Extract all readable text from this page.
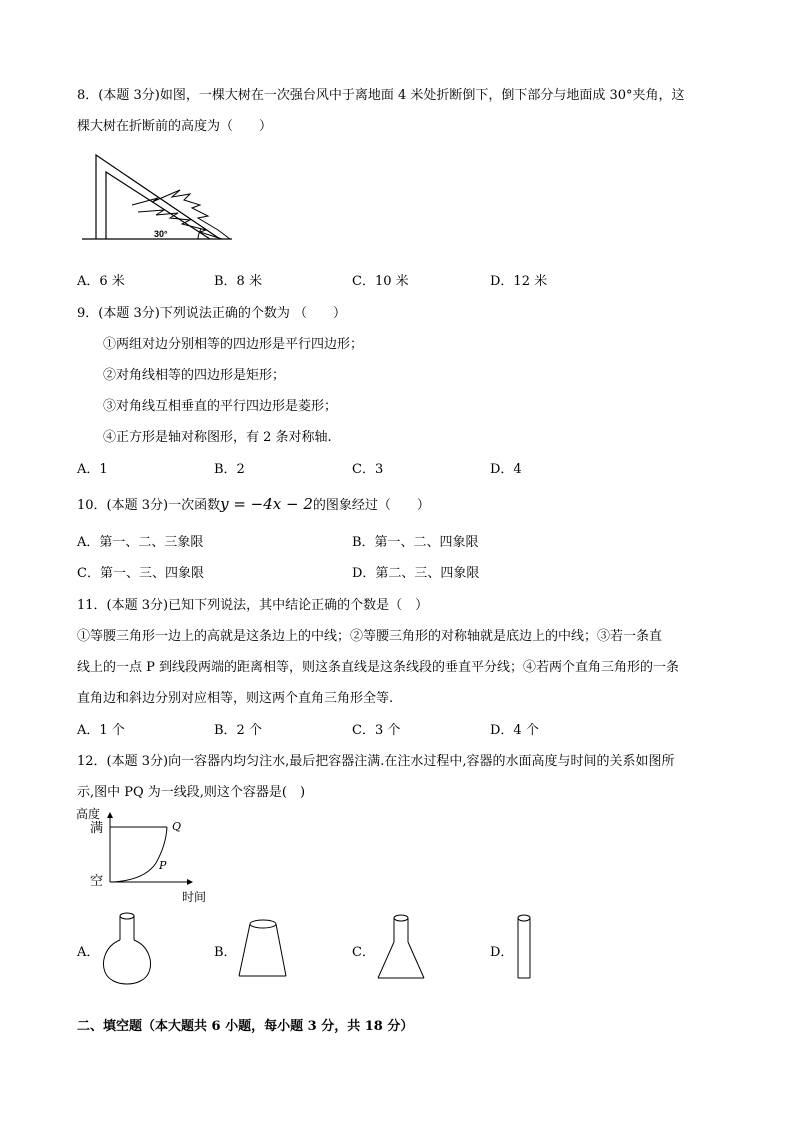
8．(本题 3分)如图，一棵大树在一次强台风中于离地面 4 米处折断倒下，倒下部分与地面成 30°夹角，这
棵大树在折断前的高度为（　　）
30°
A．6 米	B．8 米	C．10 米	D．12 米
9．(本题 3分)下列说法正确的个数为 （　　）
①两组对边分别相等的四边形是平行四边形；
②对角线相等的四边形是矩形；
③对角线互相垂直的平行四边形是菱形；
④正方形是轴对称图形，有 2 条对称轴.
A．1	B．2	C．3	D．4
10．(本题 3分)一次函数y = −4x − 2的图象经过（　　）
A．第一、二、三象限	B．第一、二、四象限
C．第一、三、四象限	D．第二、三、四象限
11．(本题 3分)已知下列说法，其中结论正确的个数是（　）
①等腰三角形一边上的高就是这条边上的中线；②等腰三角形的对称轴就是底边上的中线；③若一条直
线上的一点 P 到线段两端的距离相等，则这条直线是这条线段的垂直平分线；④若两个直角三角形的一条
直角边和斜边分别对应相等，则这两个直角三角形全等.
A．1 个	B．2 个	C．3 个	D．4 个
12．(本题 3分)向一容器内均匀注水,最后把容器注满.在注水过程中,容器的水面高度与时间的关系如图所
示,图中 PQ 为一线段,则这个容器是(　)
高度
满
空
时间
P
Q
A．	B．	C．	D．
二、填空题（本大题共 6 小题，每小题 3 分，共 18 分）
